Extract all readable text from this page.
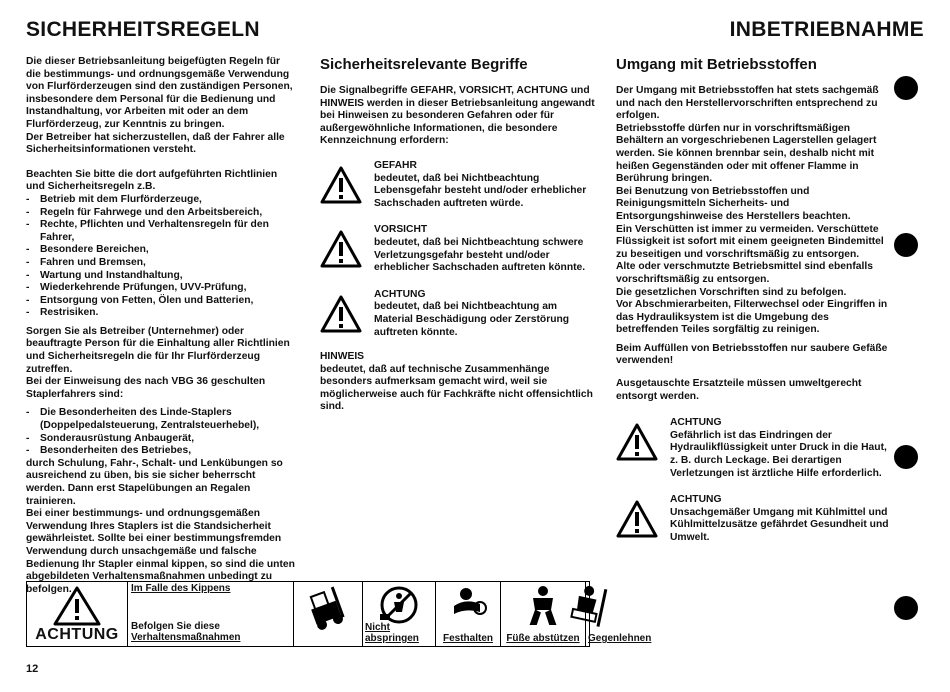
SICHERHEITSREGELN	INBETRIEBNAHME

Die dieser Betriebsanleitung beigefügten Regeln für die bestimmungs- und ordnungsgemäße Verwendung von Flurförderzeugen sind den zuständigen Personen, insbesondere dem Personal für die Bedienung und Instandhaltung, vor Arbeiten mit oder an dem Flurförderzeug, zur Kenntnis zu bringen.

Der Betreiber hat sicherzustellen, daß der Fahrer alle Sicherheitsinformationen versteht.

Beachten Sie bitte die dort aufgeführten Richtlinien und Sicherheitsregeln z.B.

- Betrieb mit dem Flurförderzeuge,
- Regeln für Fahrwege und den Arbeitsbereich,
- Rechte, Pflichten und Verhaltensregeln für den Fahrer,
- Besondere Bereichen,
- Fahren und Bremsen,
- Wartung und Instandhaltung,
- Wiederkehrende Prüfungen, UVV-Prüfung,
- Entsorgung von Fetten, Ölen und Batterien,
- Restrisiken.

Sorgen Sie als Betreiber (Unternehmer) oder beauftragte Person für die Einhaltung aller Richtlinien und Sicherheitsregeln die für Ihr Flurförderzeug zutreffen.

Bei der Einweisung des nach VBG 36 geschulten Staplerfahrers sind:

- Die Besonderheiten des Linde-Staplers (Doppelpedalsteuerung, Zentralsteuerhebel),
- Sonderausrüstung Anbaugerät,
- Besonderheiten des Betriebes,

durch Schulung, Fahr-, Schalt- und Lenkübungen so ausreichend zu üben, bis sie sicher beherrscht werden. Dann erst Stapelübungen an Regalen trainieren.

Bei einer bestimmungs- und ordnungsgemäßen Verwendung Ihres Staplers ist die Standsicherheit gewährleistet. Sollte bei einer bestimmungsfremden Verwendung durch unsachgemäße und falsche Bedienung Ihr Stapler einmal kippen, so sind die unten abgebildeten Verhaltensmaßnahmen unbedingt zu befolgen.

Sicherheitsrelevante Begriffe

Die Signalbegriffe GEFAHR, VORSICHT, ACHTUNG und HINWEIS werden in dieser Betriebsanleitung angewandt bei Hinweisen zu besonderen Gefahren oder für außergewöhnliche Informationen, die besondere Kennzeichnung erfordern:

GEFAHR
bedeutet, daß bei Nichtbeachtung Lebensgefahr besteht und/oder erheblicher Sachschaden auftreten würde.
VORSICHT
bedeutet, daß bei Nichtbeachtung schwere Verletzungsgefahr besteht und/oder erheblicher Sachschaden auftreten könnte.
ACHTUNG
bedeutet, daß bei Nichtbeachtung am Material Beschädigung oder Zerstörung auftreten könnte.

HINWEIS

bedeutet, daß auf technische Zusammenhänge besonders aufmerksam gemacht wird, weil sie möglicherweise auch für Fachkräfte nicht offensichtlich sind.

Umgang mit Betriebsstoffen

Der Umgang mit Betriebsstoffen hat stets sachgemäß und nach den Herstellervorschriften entsprechend zu erfolgen.

Betriebsstoffe dürfen nur in vorschriftsmäßigen Behältern an vorgeschriebenen Lagerstellen gelagert werden. Sie können brennbar sein, deshalb nicht mit heißen Gegenständen oder mit offener Flamme in Berührung bringen.

Bei Benutzung von Betriebsstoffen und Reinigungsmitteln Sicherheits- und Entsorgungshinweise des Herstellers beachten.

Ein Verschütten ist immer zu vermeiden. Verschüttete Flüssigkeit ist sofort mit einem geeigneten Bindemittel zu beseitigen und vorschriftsmäßig zu entsorgen.

Alte oder verschmutzte Betriebsmittel sind ebenfalls vorschriftsmäßig zu entsorgen.

Die gesetzlichen Vorschriften sind zu befolgen.

Vor Abschmierarbeiten, Filterwechsel oder Eingriffen in das Hydrauliksystem ist die Umgebung des betreffenden Teiles sorgfältig zu reinigen.

Beim Auffüllen von Betriebsstoffen nur saubere Gefäße verwenden!

Ausgetauschte Ersatzteile müssen umweltgerecht entsorgt werden.

ACHTUNG
Gefährlich ist das Eindringen der Hydraulikflüssigkeit unter Druck in die Haut, z. B. durch Leckage. Bei derartigen Verletzungen ist ärztliche Hilfe erforderlich.
ACHTUNG
Unsachgemäßer Umgang mit Kühlmittel und Kühlmittelzusätze gefährdet Gesundheit und Umwelt.
ACHTUNG
Im Falle des Kippens
Befolgen Sie diese
Verhaltensmaßnahmen
Nicht abspringen	Festhalten	Füße abstützen Gegenlehnen
12
